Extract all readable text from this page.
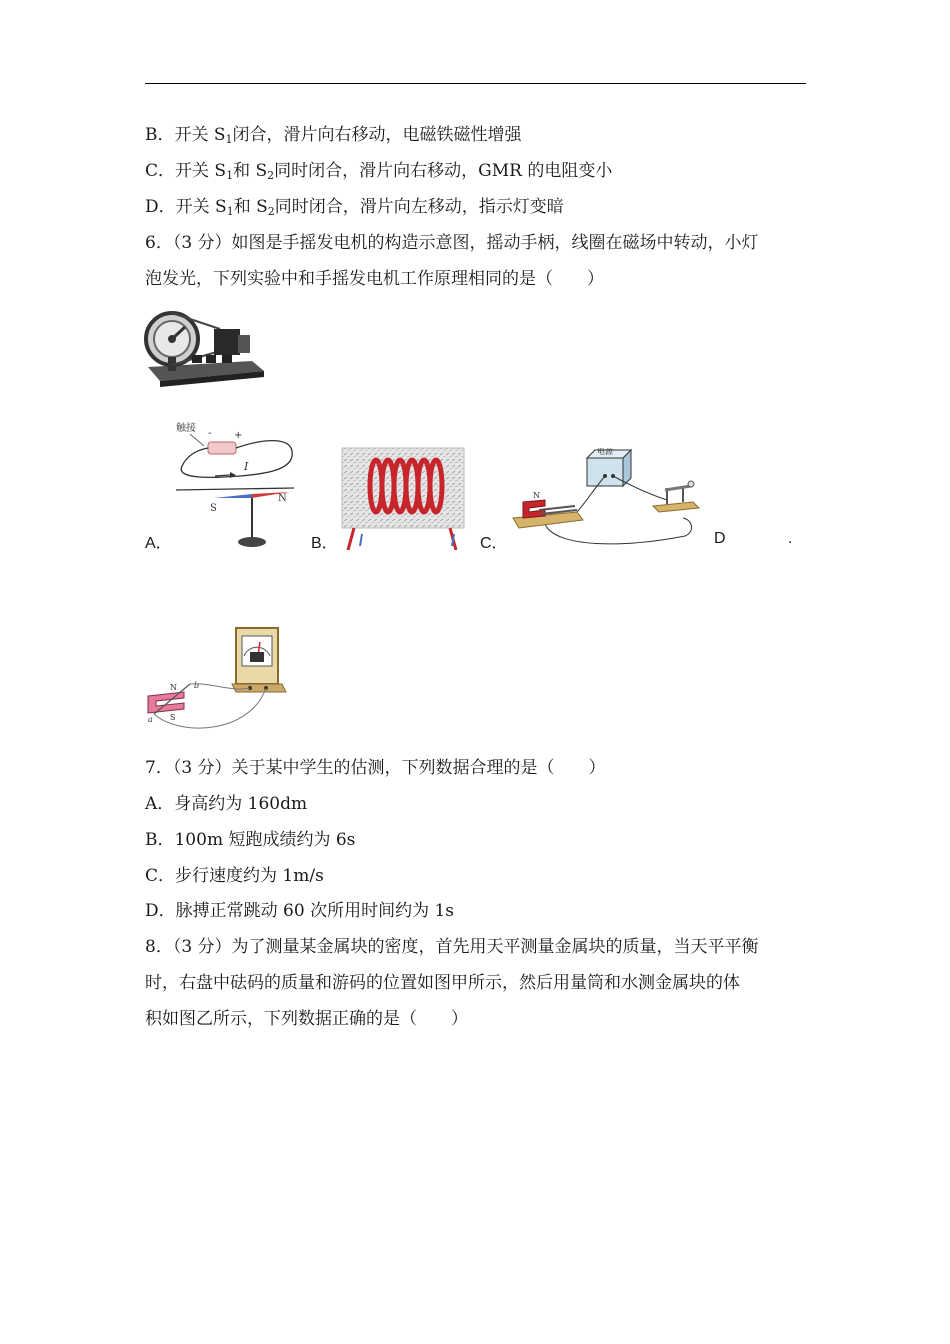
B．开关 $S_1$闭合，滑片向右移动，电磁铁磁性增强
C．开关 $S_1$和 $S_2$同时闭合，滑片向右移动，GMR 的电阻变小
D．开关 $S_1$和 $S_2$同时闭合，滑片向左移动，指示灯变暗
6．（3 分）如图是手摇发电机的构造示意图，摇动手柄，线圈在磁场中转动，小灯
泡发光，下列实验中和手摇发电机工作原理相同的是（　　）
A．	B．	C．	D	.
触接 - +
I
S
N
电源
N
N
S
a
b
7．（3 分）关于某中学生的估测，下列数据合理的是（　　）
A．身高约为 160dm
B．100m 短跑成绩约为 6s
C．步行速度约为 1m/s
D．脉搏正常跳动 60 次所用时间约为 1s
8．（3 分）为了测量某金属块的密度，首先用天平测量金属块的质量，当天平平衡
时，右盘中砝码的质量和游码的位置如图甲所示，然后用量筒和水测金属块的体
积如图乙所示，下列数据正确的是（　　）
